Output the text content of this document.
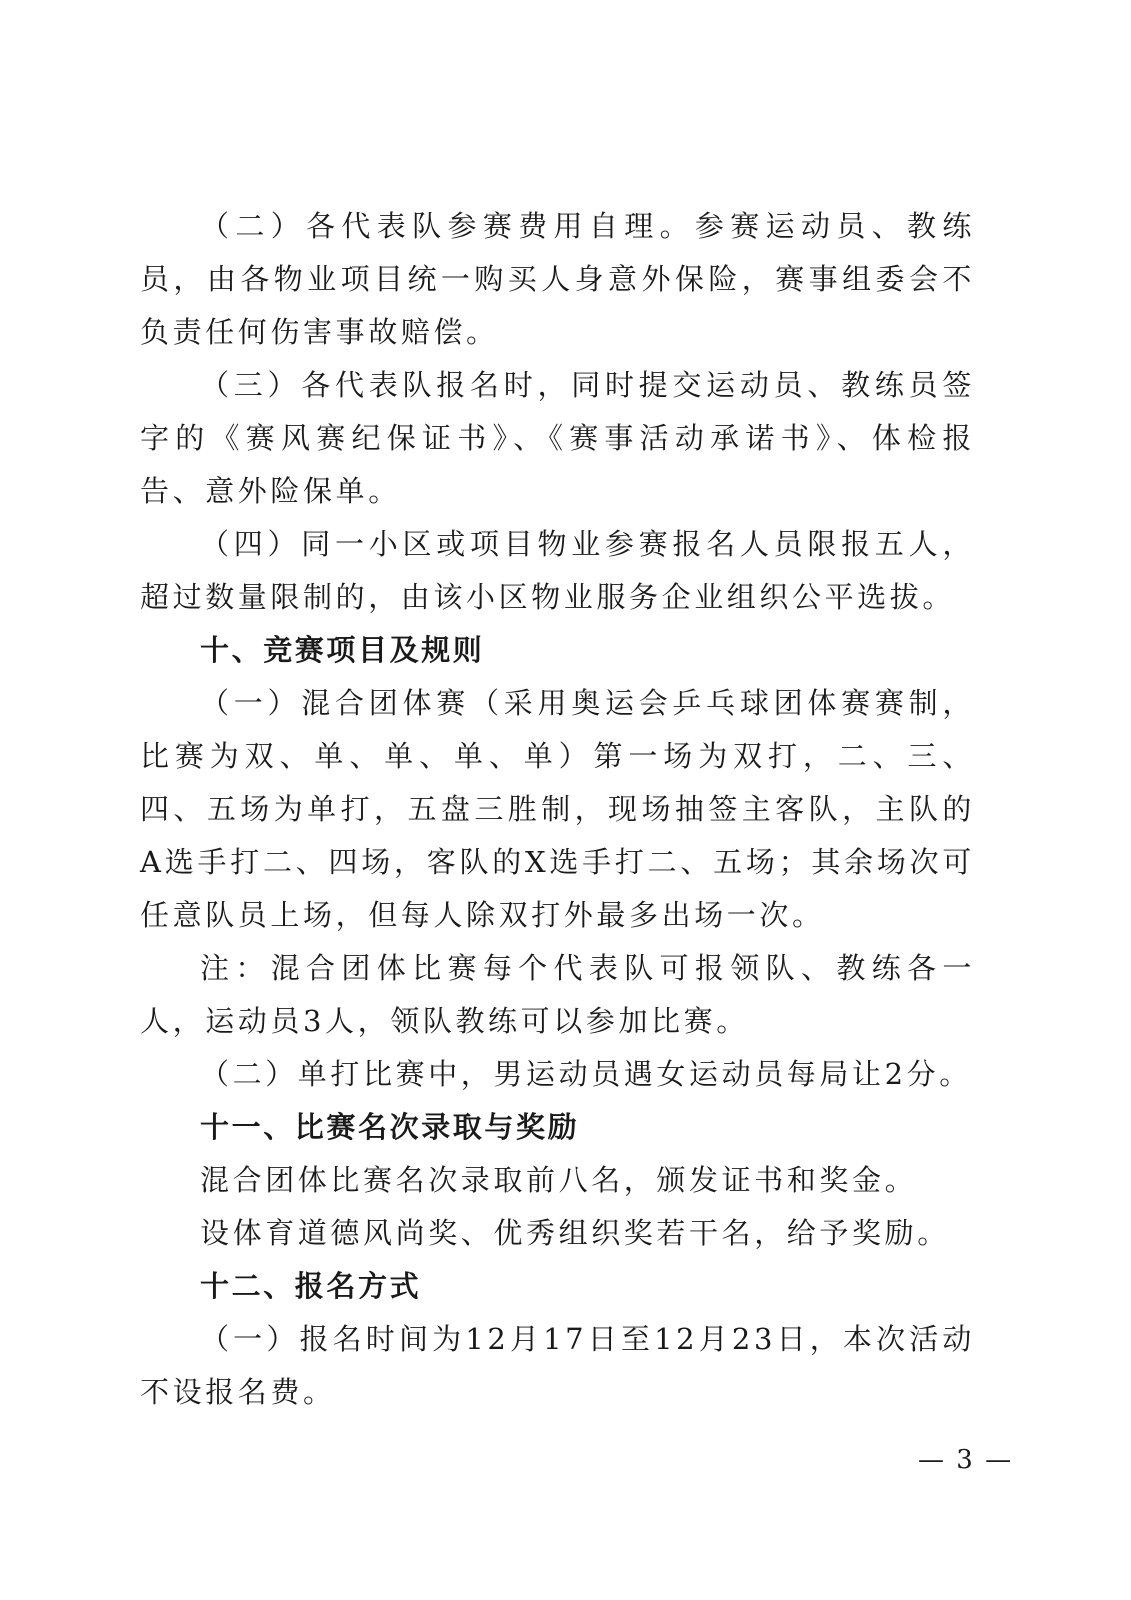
（二）各代表队参赛费用自理。参赛运动员、教练员，由各物业项目统一购买人身意外保险，赛事组委会不负责任何伤害事故赔偿。

（三）各代表队报名时，同时提交运动员、教练员签字的《赛风赛纪保证书》、《赛事活动承诺书》、体检报告、意外险保单。

（四）同一小区或项目物业参赛报名人员限报五人，超过数量限制的，由该小区物业服务企业组织公平选拔。

十、竞赛项目及规则

（一）混合团体赛（采用奥运会乒乓球团体赛赛制，比赛为双、单、单、单、单）第一场为双打，二、三、四、五场为单打，五盘三胜制，现场抽签主客队，主队的A选手打二、四场，客队的X选手打二、五场；其余场次可任意队员上场，但每人除双打外最多出场一次。

注：混合团体比赛每个代表队可报领队、教练各一人，运动员3人，领队教练可以参加比赛。

（二）单打比赛中，男运动员遇女运动员每局让2分。

十一、比赛名次录取与奖励

混合团体比赛名次录取前八名，颁发证书和奖金。

设体育道德风尚奖、优秀组织奖若干名，给予奖励。

十二、报名方式

（一）报名时间为12月17日至12月23日，本次活动不设报名费。

— 3 —
